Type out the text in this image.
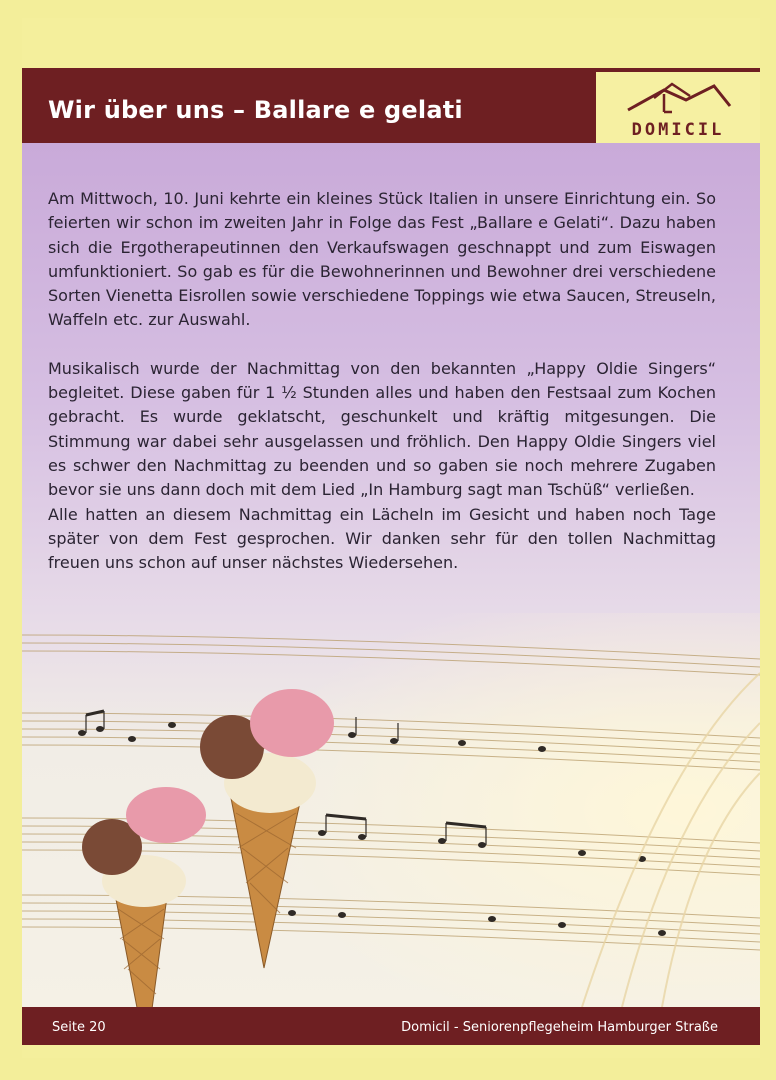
Wir über uns – Ballare e gelati
DOMICIL

Am Mittwoch, 10. Juni kehrte ein kleines Stück Italien in unsere Einrichtung ein. So feierten wir schon im zweiten Jahr in Folge das Fest „Ballare e Gelati“. Dazu haben sich die Ergotherapeutinnen den Verkaufswagen geschnappt und zum Eiswagen umfunktioniert. So gab es für die Bewohnerinnen und Bewohner drei verschiedene Sorten Vienetta Eisrollen sowie verschiedene Toppings wie etwa Saucen, Streuseln, Waffeln etc. zur Auswahl.

Musikalisch wurde der Nachmittag von den bekannten „Happy Oldie Singers“ begleitet. Diese gaben für 1 ½ Stunden alles und haben den Festsaal zum Kochen gebracht. Es wurde geklatscht, geschunkelt und kräftig mitgesungen. Die Stimmung war dabei sehr ausgelassen und fröhlich. Den Happy Oldie Singers viel es schwer den Nachmittag zu beenden und so gaben sie noch mehrere Zugaben bevor sie uns dann doch mit dem Lied „In Hamburg sagt man Tschüß“ verließen.

Alle hatten an diesem Nachmittag ein Lächeln im Gesicht und haben noch Tage später von dem Fest gesprochen. Wir danken sehr für den tollen Nachmittag freuen uns schon auf unser nächstes Wiedersehen.

Seite 20	Domicil - Seniorenpflegeheim Hamburger Straße
